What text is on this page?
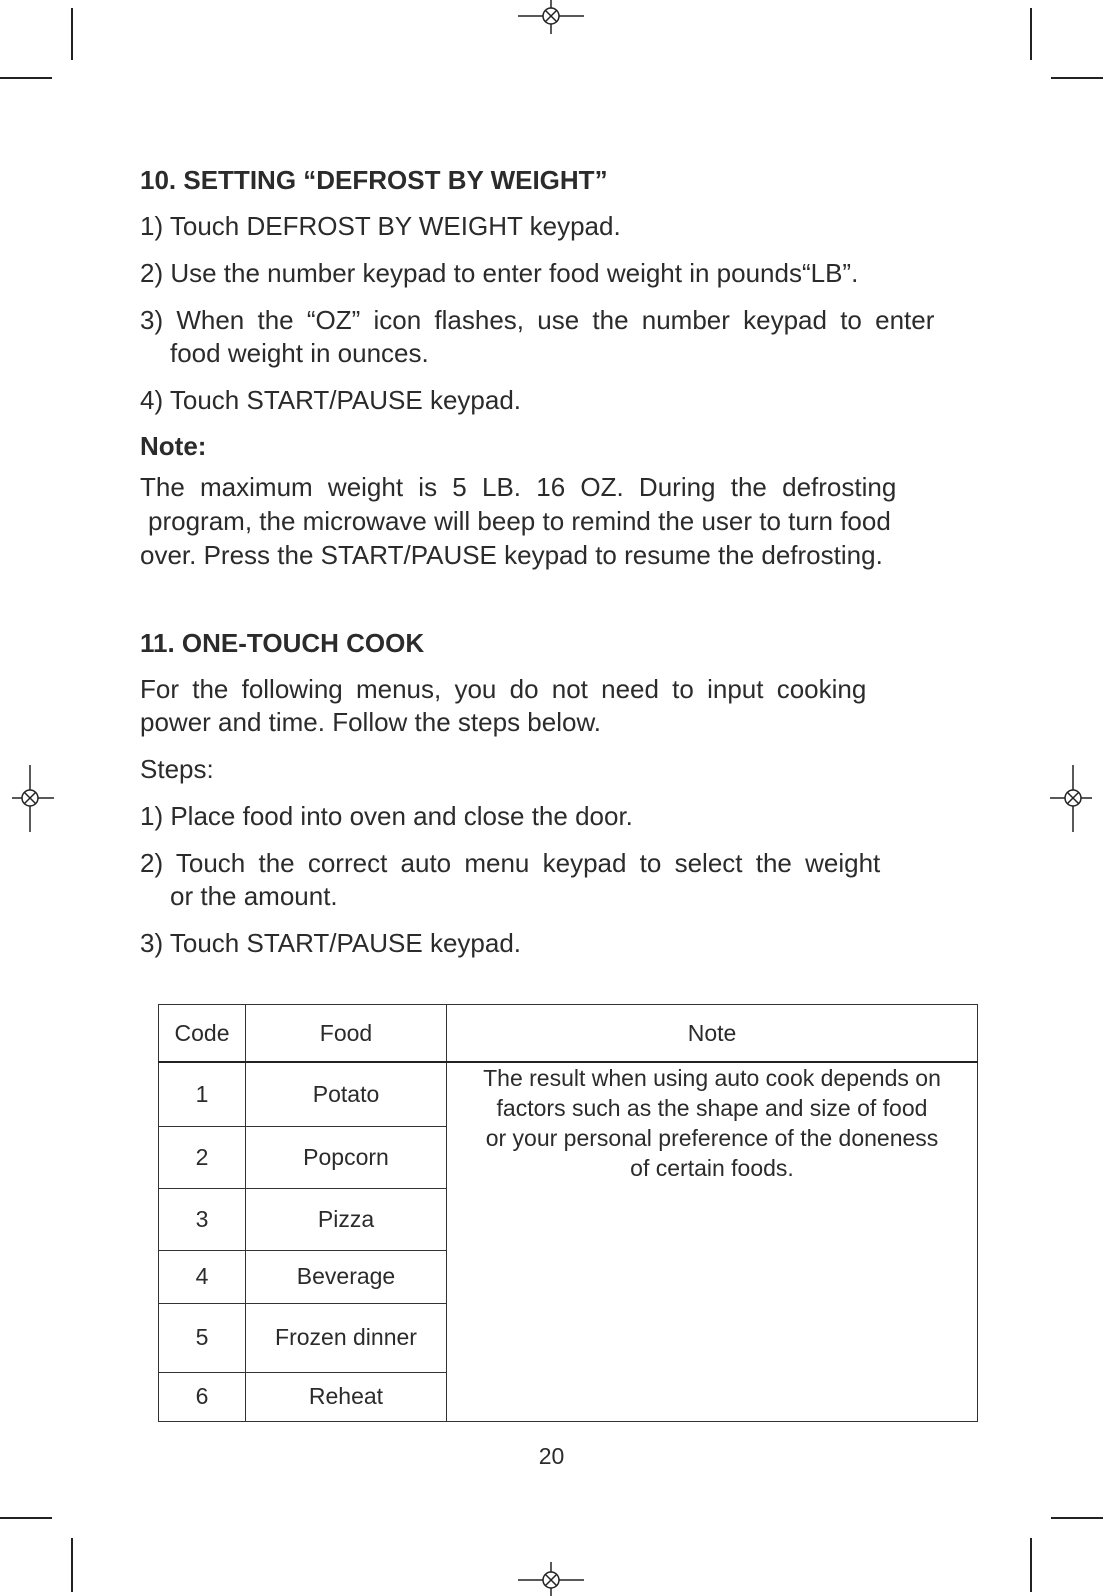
10. SETTING “DEFROST BY WEIGHT”

1) Touch DEFROST BY WEIGHT keypad.

2) Use the number keypad to enter food weight in pounds“LB”.

3) When the “OZ” icon flashes, use the number keypad to enter

food weight in ounces.

4) Touch START/PAUSE keypad.

Note:

The maximum weight is 5 LB. 16 OZ. During the defrosting

program, the microwave will beep to remind the user to turn food

over. Press the START/PAUSE keypad to resume the defrosting.

11. ONE-TOUCH COOK

For the following menus, you do not need to input cooking

power and time. Follow the steps below.

Steps:

1) Place food into oven and close the door.

2) Touch the correct auto menu keypad to select the weight

or the amount.

3) Touch START/PAUSE keypad.

Code	Food	Note
1	Potato	The result when using auto cook depends on
factors such as the shape and size of food
or your personal preference of the doneness
of certain foods.

2	Popcorn	
3	Pizza	
4	Beverage	
5	Frozen dinner	
6	Reheat	
20
